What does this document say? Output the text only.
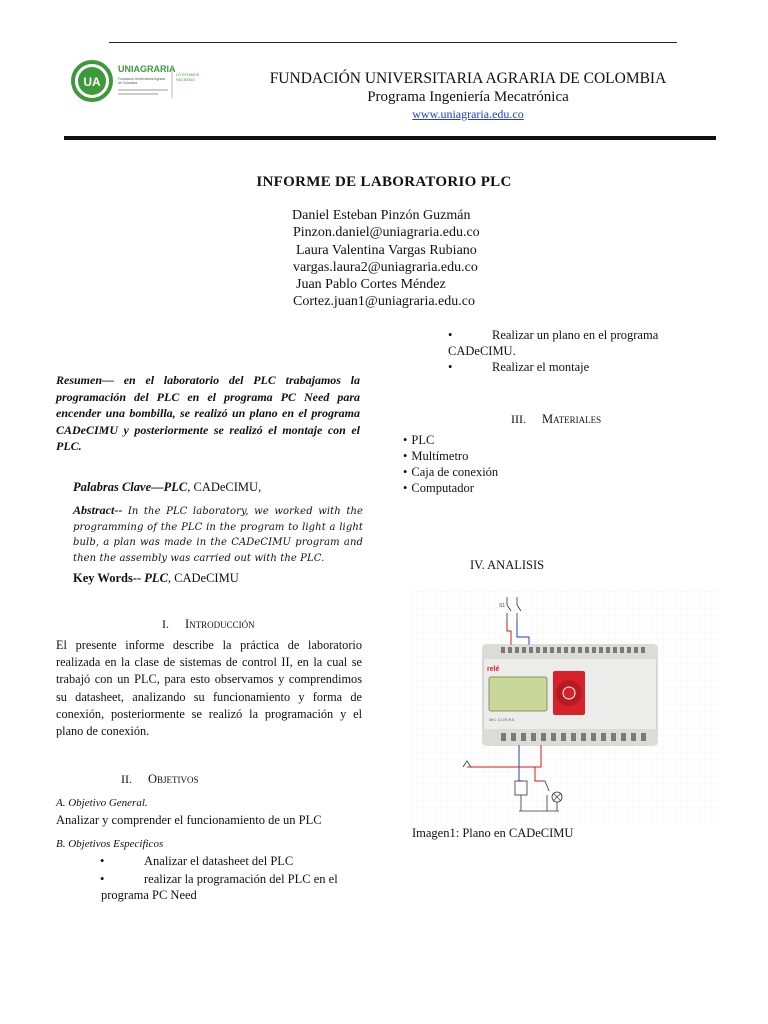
UA
UNIAGRARIA
Fundación Universitaria Agraria
de Colombia
LO ESTAMOS
HACIENDO	FUNDACIÓN UNIVERSITARIA AGRARIA DE COLOMBIA
Programa Ingeniería Mecatrónica
www.uniagraria.edu.co
INFORME DE LABORATORIO PLC
Daniel Esteban Pinzón Guzmán
Pinzon.daniel@uniagraria.edu.co
Laura Valentina Vargas Rubiano
vargas.laura2@uniagraria.edu.co
Juan Pablo Cortes Méndez
Cortez.juan1@uniagraria.edu.co
Resumen— en el laboratorio del PLC trabajamos la programación del PLC en el programa PC Need para encender una bombilla, se realizó un plano en el programa CADeCIMU y posteriormente se realizó el montaje con el PLC.
Palabras Clave—PLC, CADeCIMU,
Abstract-- In the PLC laboratory, we worked with the programming of the PLC in the program to light a light bulb, a plan was made in the CADeCIMU program and then the assembly was carried out with the PLC.
Key Words-- PLC, CADeCIMU
I. Introducción
El presente informe describe la práctica de laboratorio realizada en la clase de sistemas de control II, en la cual se trabajó con un PLC, para esto observamos y comprendimos su datasheet, analizando su funcionamiento y forma de conexión, posteriormente se realizó la programación y el plano de conexión.
II. Objetivos
A. Objetivo General.
Analizar y comprender el funcionamiento de un PLC
B. Objetivos Especificos
•	Analizar el datasheet del PLC
•	realizar la programación del PLC en el
programa PC Need
•	Realizar un plano en el programa
CADeCIMU.
•	Realizar el montaje
III. Materiales
• PLC
• Multímetro
• Caja de conexión
• Computador
IV. ANALISIS
S1
relé
MIC 12-IR-RA
Imagen1: Plano en CADeCIMU
